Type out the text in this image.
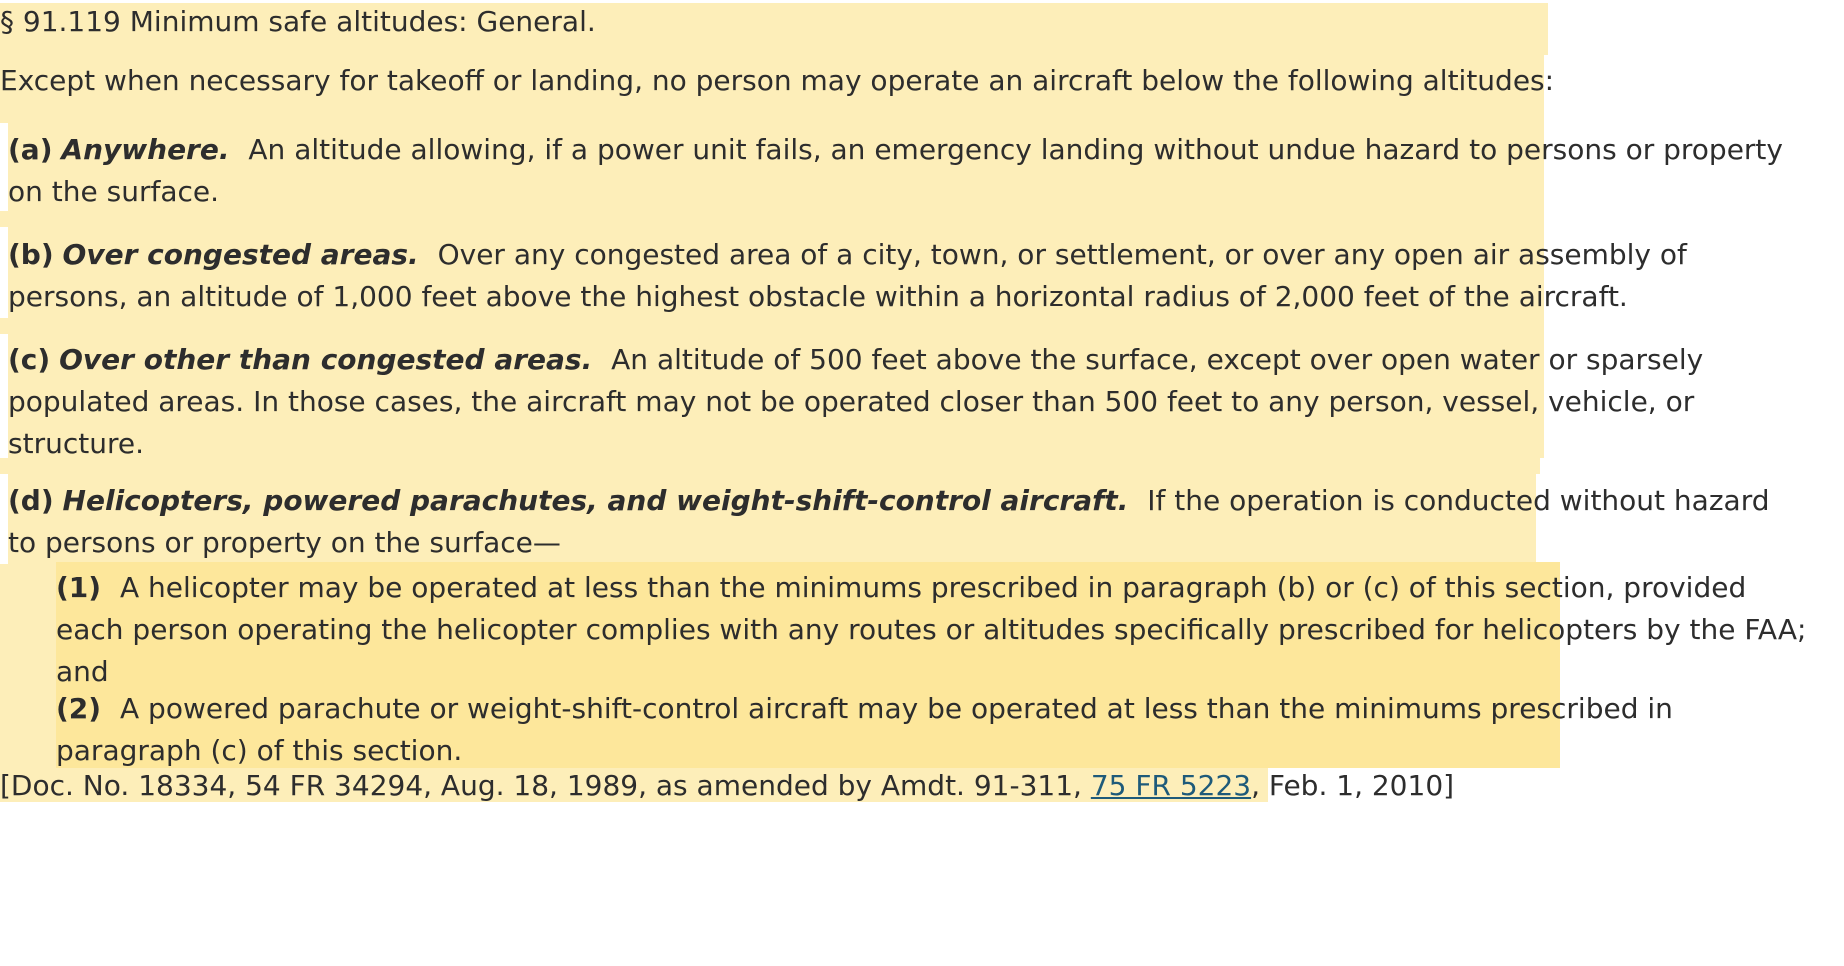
§ 91.119 Minimum safe altitudes: General.
Except when necessary for takeoff or landing, no person may operate an aircraft below the following altitudes:
(a) Anywhere. An altitude allowing, if a power unit fails, an emergency landing without undue hazard to persons or property
on the surface.
(b) Over congested areas. Over any congested area of a city, town, or settlement, or over any open air assembly of
persons, an altitude of 1,000 feet above the highest obstacle within a horizontal radius of 2,000 feet of the aircraft.
(c) Over other than congested areas. An altitude of 500 feet above the surface, except over open water or sparsely
populated areas. In those cases, the aircraft may not be operated closer than 500 feet to any person, vessel, vehicle, or
structure.
(d) Helicopters, powered parachutes, and weight-shift-control aircraft. If the operation is conducted without hazard
to persons or property on the surface—
(1) A helicopter may be operated at less than the minimums prescribed in paragraph (b) or (c) of this section, provided
each person operating the helicopter complies with any routes or altitudes specifically prescribed for helicopters by the FAA;
and
(2) A powered parachute or weight-shift-control aircraft may be operated at less than the minimums prescribed in
paragraph (c) of this section.
[Doc. No. 18334, 54 FR 34294, Aug. 18, 1989, as amended by Amdt. 91-311, 75 FR 5223, Feb. 1, 2010]
